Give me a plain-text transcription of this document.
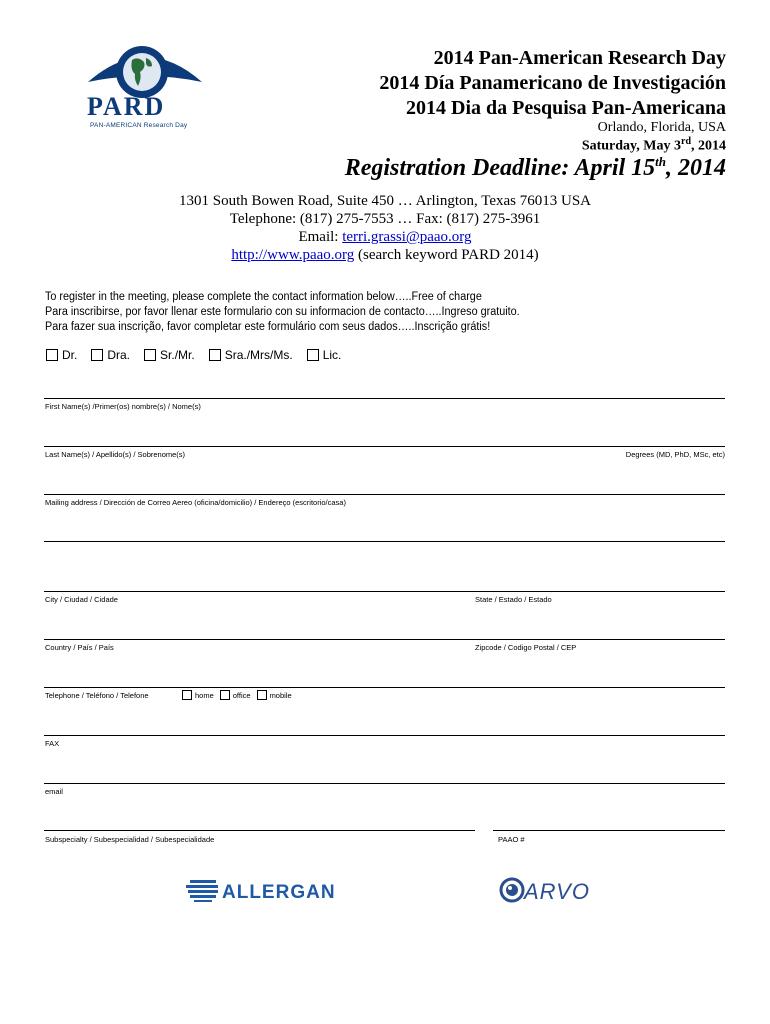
PARD
PAN-AMERICAN Research Day
2014 Pan-American Research Day
2014 Día Panamericano de Investigación
2014 Dia da Pesquisa Pan-Americana
Orlando, Florida, USA
Saturday, May 3rd, 2014
Registration Deadline: April 15th, 2014
1301 South Bowen Road, Suite 450 … Arlington, Texas 76013 USA
Telephone: (817) 275-7553 … Fax: (817) 275-3961
Email: terri.grassi@paao.org
http://www.paao.org (search keyword PARD 2014)
To register in the meeting, please complete the contact information below…..Free of charge
Para inscribirse, por favor llenar este formulario con su informacion de contacto…..Ingreso gratuito.
Para fazer sua inscrição, favor completar este formulário com seus dados…..Inscrição grátis!
Dr.	Dra.	Sr./Mr.	Sra./Mrs/Ms.	Lic.
First Name(s) /Primer(os) nombre(s) / Nome(s)
Last Name(s) / Apellido(s) / Sobrenome(s)	Degrees (MD, PhD, MSc, etc)
Mailing address / Dirección de Correo Aereo (oficina/domicilio) / Endereço (escritorio/casa)
City / Ciudad / Cidade	State / Estado / Estado
Country / País / País	Zipcode / Codigo Postal / CEP
Telephone / Teléfono / Telefone	home	office	mobile
FAX
email
Subspecialty / Subespecialidad / Subespecialidade	PAAO #
ALLERGAN	ARVO
